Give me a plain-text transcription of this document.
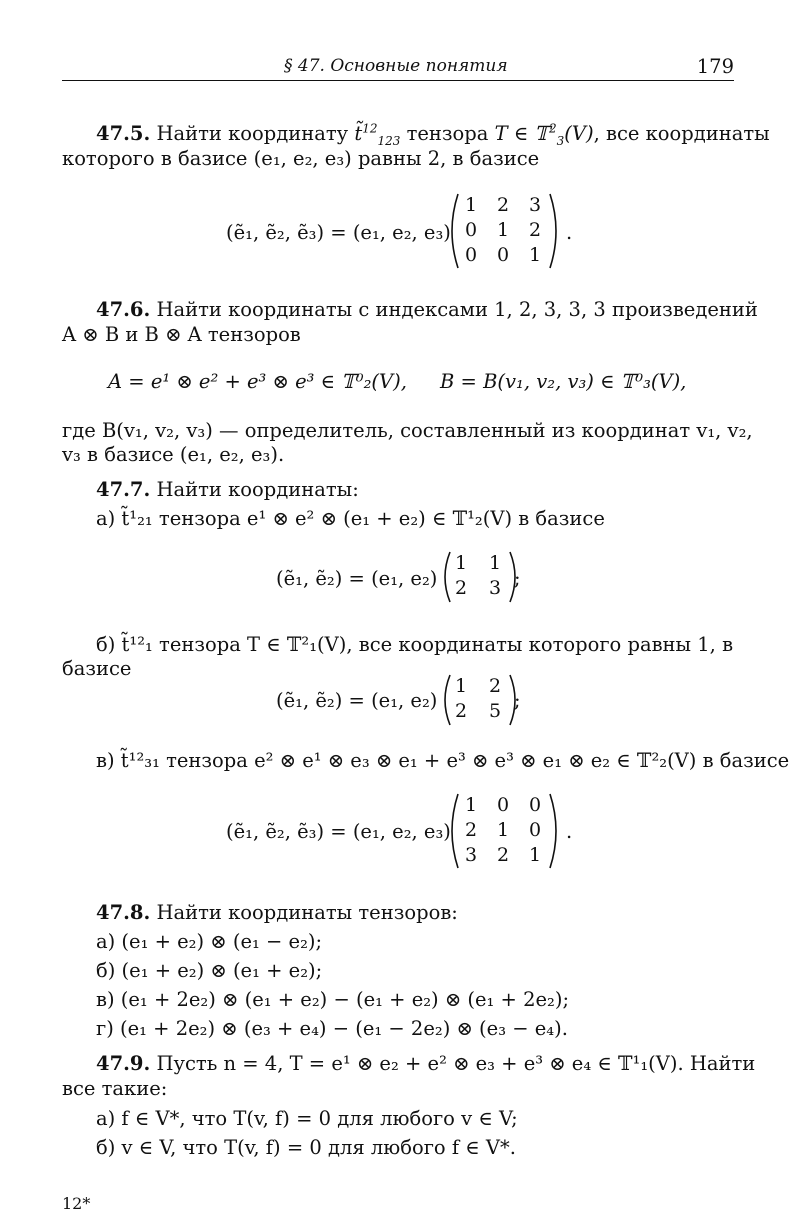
§ 47. Основные понятия	179
47.5. Найти координату t̃$^{12}_{123}$ тензора T ∈ 𝕋$^2_3$(V), все координаты
которого в базисе (e₁, e₂, e₃) равны 2, в базисе
(ẽ₁, ẽ₂, ẽ₃) = (e₁, e₂, e₃)
1 2 3
0 1 2
0 0 1
.
47.6. Найти координаты с индексами 1, 2, 3, 3, 3 произведений
A ⊗ B и B ⊗ A тензоров
A = e¹ ⊗ e² + e³ ⊗ e³ ∈ 𝕋⁰₂(V), B = B(v₁, v₂, v₃) ∈ 𝕋⁰₃(V),
где B(v₁, v₂, v₃) — определитель, составленный из координат v₁, v₂,
v₃ в базисе (e₁, e₂, e₃).
47.7. Найти координаты:
а) t̃¹₂₁ тензора e¹ ⊗ e² ⊗ (e₁ + e₂) ∈ 𝕋¹₂(V) в базисе
(ẽ₁, ẽ₂) = (e₁, e₂)
1 1
2 3 ;
б) t̃¹²₁ тензора T ∈ 𝕋²₁(V), все координаты которого равны 1, в
базисе
(ẽ₁, ẽ₂) = (e₁, e₂)
1 2
2 5 ;
в) t̃¹²₃₁ тензора e² ⊗ e¹ ⊗ e₃ ⊗ e₁ + e³ ⊗ e³ ⊗ e₁ ⊗ e₂ ∈ 𝕋²₂(V) в базисе
(ẽ₁, ẽ₂, ẽ₃) = (e₁, e₂, e₃)
1 0 0
2 1 0
3 2 1
.
47.8. Найти координаты тензоров:
а) (e₁ + e₂) ⊗ (e₁ − e₂);
б) (e₁ + e₂) ⊗ (e₁ + e₂);
в) (e₁ + 2e₂) ⊗ (e₁ + e₂) − (e₁ + e₂) ⊗ (e₁ + 2e₂);
г) (e₁ + 2e₂) ⊗ (e₃ + e₄) − (e₁ − 2e₂) ⊗ (e₃ − e₄).
47.9. Пусть n = 4, T = e¹ ⊗ e₂ + e² ⊗ e₃ + e³ ⊗ e₄ ∈ 𝕋¹₁(V). Найти
все такие:
а) f ∈ V*, что T(v, f) = 0 для любого v ∈ V;
б) v ∈ V, что T(v, f) = 0 для любого f ∈ V*.
12*
